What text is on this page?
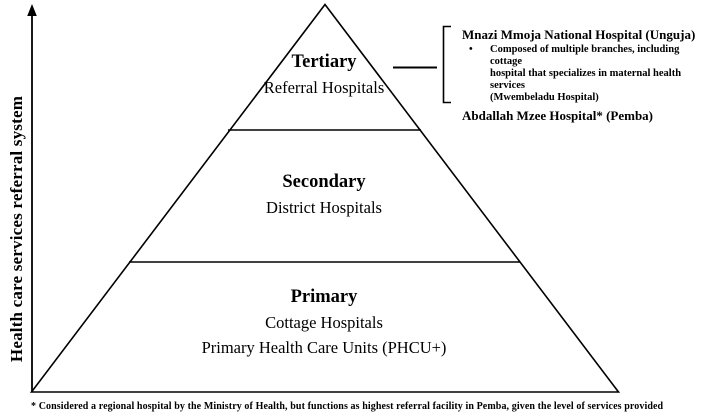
Health care services referral system
Tertiary
Referral Hospitals
Secondary
District Hospitals
Primary
Cottage Hospitals
Primary Health Care Units (PHCU+)
Mnazi Mmoja National Hospital (Unguja)
•	Composed of multiple branches, including cottage
hospital that specializes in maternal health services
(Mwembeladu Hospital)
Abdallah Mzee Hospital* (Pemba)
* Considered a regional hospital by the Ministry of Health, but functions as highest referral facility in Pemba, given the level of services provided
